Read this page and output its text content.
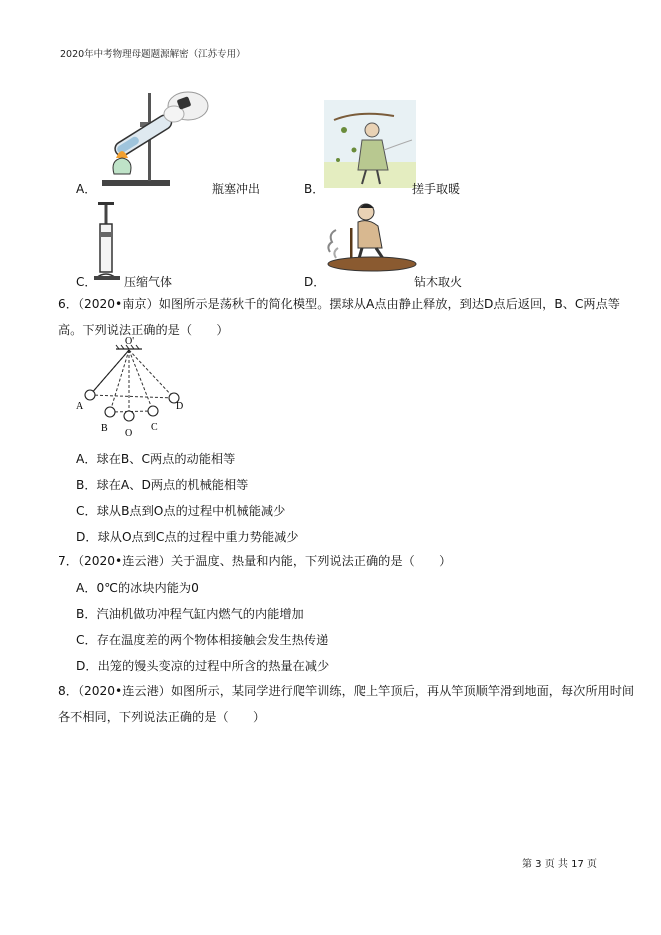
2020年中考物理母题题源解密（江苏专用）
A．	瓶塞冲出	B．	搓手取暖
C． 压缩气体	D．	钻木取火
6．（2020•南京）如图所示是荡秋千的简化模型。摆球从A点由静止释放，到达D点后返回，B、C两点等
高。下列说法正确的是（　　）
O'
A
B O
C
D
A．球在B、C两点的动能相等
B．球在A、D两点的机械能相等
C．球从B点到O点的过程中机械能减少
D．球从O点到C点的过程中重力势能减少
7．（2020•连云港）关于温度、热量和内能，下列说法正确的是（　　）
A．0℃的冰块内能为0
B．汽油机做功冲程气缸内燃气的内能增加
C．存在温度差的两个物体相接触会发生热传递
D．出笼的馒头变凉的过程中所含的热量在减少
8．（2020•连云港）如图所示，某同学进行爬竿训练，爬上竿顶后，再从竿顶顺竿滑到地面，每次所用时间
各不相同，下列说法正确的是（　　）
第 3 页 共 17 页
